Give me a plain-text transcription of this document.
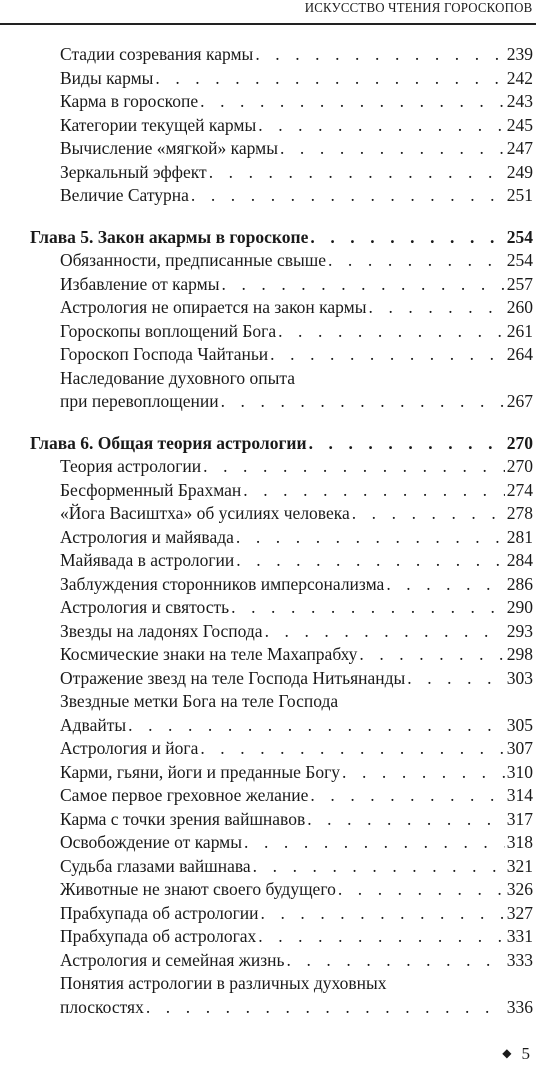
ИСКУССТВО ЧТЕНИЯ ГОРОСКОПОВ
Стадии созревания кармы . . .	239
Виды кармы . . .	242
Карма в гороскопе . . .	243
Категории текущей кармы . . .	245
Вычисление «мягкой» кармы . . .	247
Зеркальный эффект . . .	249
Величие Сатурна . . .	251
Глава 5. Закон акармы в гороскопе . . .	254
Обязанности, предписанные свыше . . .	254
Избавление от кармы . . .	257
Астрология не опирается на закон кармы . . .	260
Гороскопы воплощений Бога . . .	261
Гороскоп Господа Чайтаньи . . .	264
Наследование духовного опыта
при перевоплощении . . .	267
Глава 6. Общая теория астрологии . . .	270
Теория астрологии . . .	270
Бесформенный Брахман . . .	274
«Йога Васиштха» об усилиях человека . . .	278
Астрология и майявада . . .	281
Майявада в астрологии . . .	284
Заблуждения сторонников имперсонализма . . .	286
Астрология и святость . . .	290
Звезды на ладонях Господа . . .	293
Космические знаки на теле Махапрабху . . .	298
Отражение звезд на теле Господа Нитьянанды . . .	303
Звездные метки Бога на теле Господа
Адвайты . . .	305
Астрология и йога . . .	307
Карми, гьяни, йоги и преданные Богу . . .	310
Самое первое греховное желание . . .	314
Карма с точки зрения вайшнавов . . .	317
Освобождение от кармы . . .	318
Судьба глазами вайшнава . . .	321
Животные не знают своего будущего . . .	326
Прабхупада об астрологии . . .	327
Прабхупада об астрологах . . .	331
Астрология и семейная жизнь . . .	333
Понятия астрологии в различных духовных
плоскостях . . .	336
◆ 5
